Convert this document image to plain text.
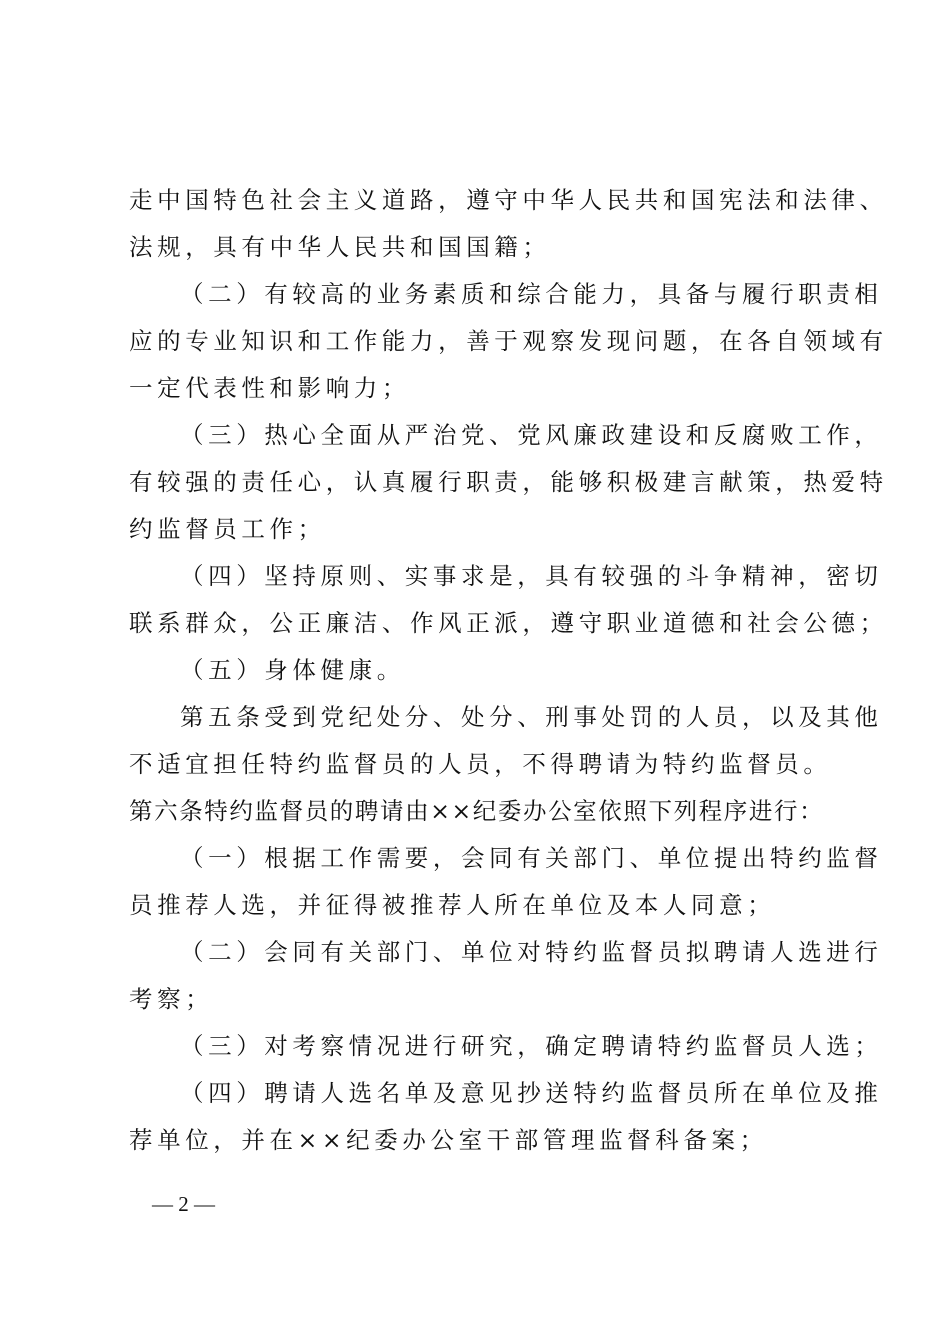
走中国特色社会主义道路，遵守中华人民共和国宪法和法律、
法规，具有中华人民共和国国籍；
（二）有较高的业务素质和综合能力，具备与履行职责相
应的专业知识和工作能力，善于观察发现问题，在各自领域有
一定代表性和影响力；
（三）热心全面从严治党、党风廉政建设和反腐败工作，
有较强的责任心，认真履行职责，能够积极建言献策，热爱特
约监督员工作；
（四）坚持原则、实事求是，具有较强的斗争精神，密切
联系群众，公正廉洁、作风正派，遵守职业道德和社会公德；
（五）身体健康。
第五条受到党纪处分、处分、刑事处罚的人员，以及其他
不适宜担任特约监督员的人员，不得聘请为特约监督员。
第六条特约监督员的聘请由××纪委办公室依照下列程序进行：
（一）根据工作需要，会同有关部门、单位提出特约监督
员推荐人选，并征得被推荐人所在单位及本人同意；
（二）会同有关部门、单位对特约监督员拟聘请人选进行
考察；
（三）对考察情况进行研究，确定聘请特约监督员人选；
（四）聘请人选名单及意见抄送特约监督员所在单位及推
荐单位，并在××纪委办公室干部管理监督科备案；
— 2 —
